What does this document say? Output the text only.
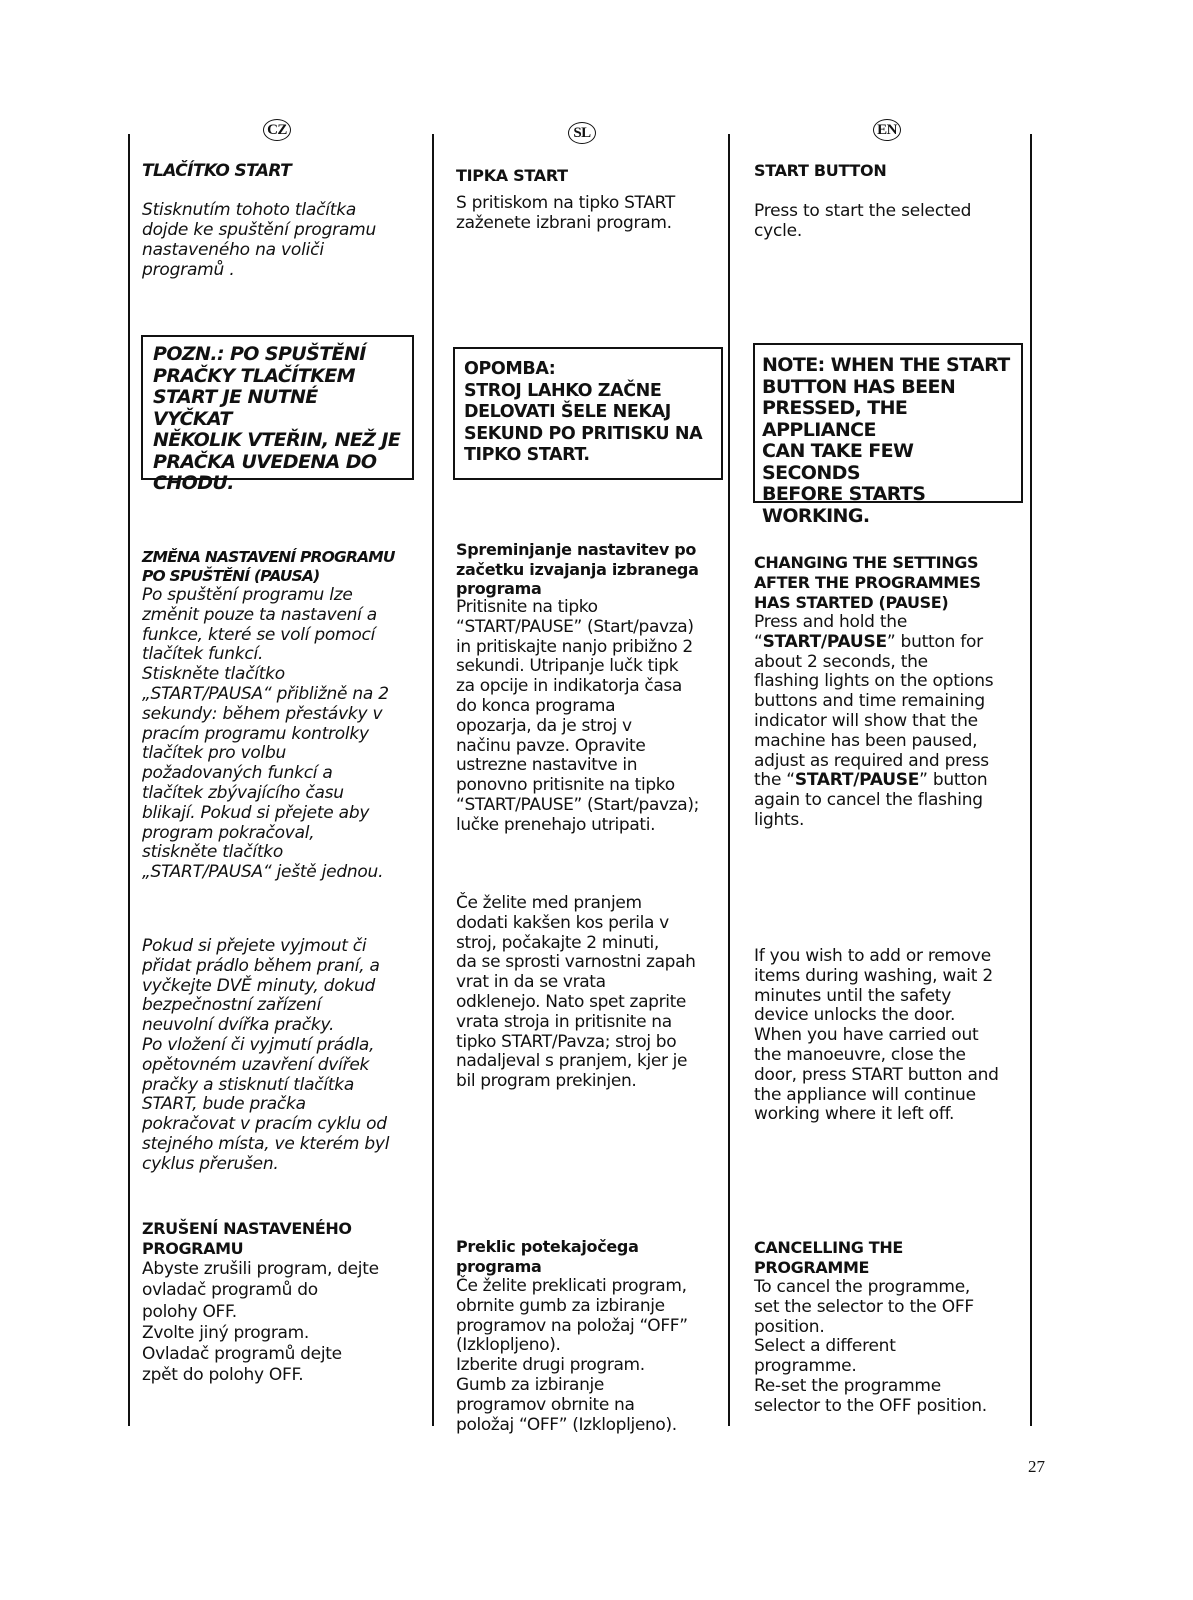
CZ	SL	EN
TLAČÍTKO START

Stisknutím tohoto tlačítka
dojde ke spuštění programu
nastaveného na voliči
programů .

POZN.: PO SPUŠTĚNÍ
PRAČKY TLAČÍTKEM
START JE NUTNÉ VYČKAT
NĚKOLIK VTEŘIN, NEŽ JE
PRAČKA UVEDENA DO
CHODU.

ZMĚNA NASTAVENÍ PROGRAMU
PO SPUŠTĚNÍ (PAUSA)

Po spuštění programu lze
změnit pouze ta nastavení a
funkce, které se volí pomocí
tlačítek funkcí.
Stiskněte tlačítko
„START/PAUSA“ přibližně na 2
sekundy: během přestávky v
pracím programu kontrolky
tlačítek pro volbu
požadovaných funkcí a
tlačítek zbývajícího času
blikají. Pokud si přejete aby
program pokračoval,
stiskněte tlačítko
„START/PAUSA“ ještě jednou.

Pokud si přejete vyjmout či
přidat prádlo během praní, a
vyčkejte DVĚ minuty, dokud
bezpečnostní zařízení
neuvolní dvířka pračky.
Po vložení či vyjmutí prádla,
opětovném uzavření dvířek
pračky a stisknutí tlačítka
START, bude pračka
pokračovat v pracím cyklu od
stejného místa, ve kterém byl
cyklus přerušen.

ZRUŠENÍ NASTAVENÉHO
PROGRAMU

Abyste zrušili program, dejte
ovladač programů do
polohy OFF.
Zvolte jiný program.
Ovladač programů dejte
zpět do polohy OFF.

TIPKA START

S pritiskom na tipko START
zaženete izbrani program.

OPOMBA:
STROJ LAHKO ZAČNE
DELOVATI ŠELE NEKAJ
SEKUND PO PRITISKU NA
TIPKO START.

Spreminjanje nastavitev po
začetku izvajanja izbranega
programa

Pritisnite na tipko
“START/PAUSE” (Start/pavza)
in pritiskajte nanjo pribižno 2
sekundi. Utripanje lučk tipk
za opcije in indikatorja časa
do konca programa
opozarja, da je stroj v
načinu pavze. Opravite
ustrezne nastavitve in
ponovno pritisnite na tipko
“START/PAUSE” (Start/pavza);
lučke prenehajo utripati.

Če želite med pranjem
dodati kakšen kos perila v
stroj, počakajte 2 minuti,
da se sprosti varnostni zapah
vrat in da se vrata
odklenejo. Nato spet zaprite
vrata stroja in pritisnite na
tipko START/Pavza; stroj bo
nadaljeval s pranjem, kjer je
bil program prekinjen.

Preklic potekajočega
programa

Če želite preklicati program,
obrnite gumb za izbiranje
programov na položaj “OFF”
(Izklopljeno).
Izberite drugi program.
Gumb za izbiranje
programov obrnite na
položaj “OFF” (Izklopljeno).

START BUTTON

Press to start the selected
cycle.

NOTE: WHEN THE START
BUTTON HAS BEEN
PRESSED, THE APPLIANCE
CAN TAKE FEW SECONDS
BEFORE STARTS
WORKING.

CHANGING THE SETTINGS
AFTER THE PROGRAMMES
HAS STARTED (PAUSE)

Press and hold the

“START/PAUSE” button for

about 2 seconds, the
flashing lights on the options
buttons and time remaining
indicator will show that the
machine has been paused,
adjust as required and press

the “START/PAUSE” button

again to cancel the flashing
lights.

If you wish to add or remove
items during washing, wait 2
minutes until the safety
device unlocks the door.
When you have carried out
the manoeuvre, close the
door, press START button and
the appliance will continue
working where it left off.

CANCELLING THE
PROGRAMME

To cancel the programme,
set the selector to the OFF
position.
Select a different
programme.
Re-set the programme
selector to the OFF position.

27
